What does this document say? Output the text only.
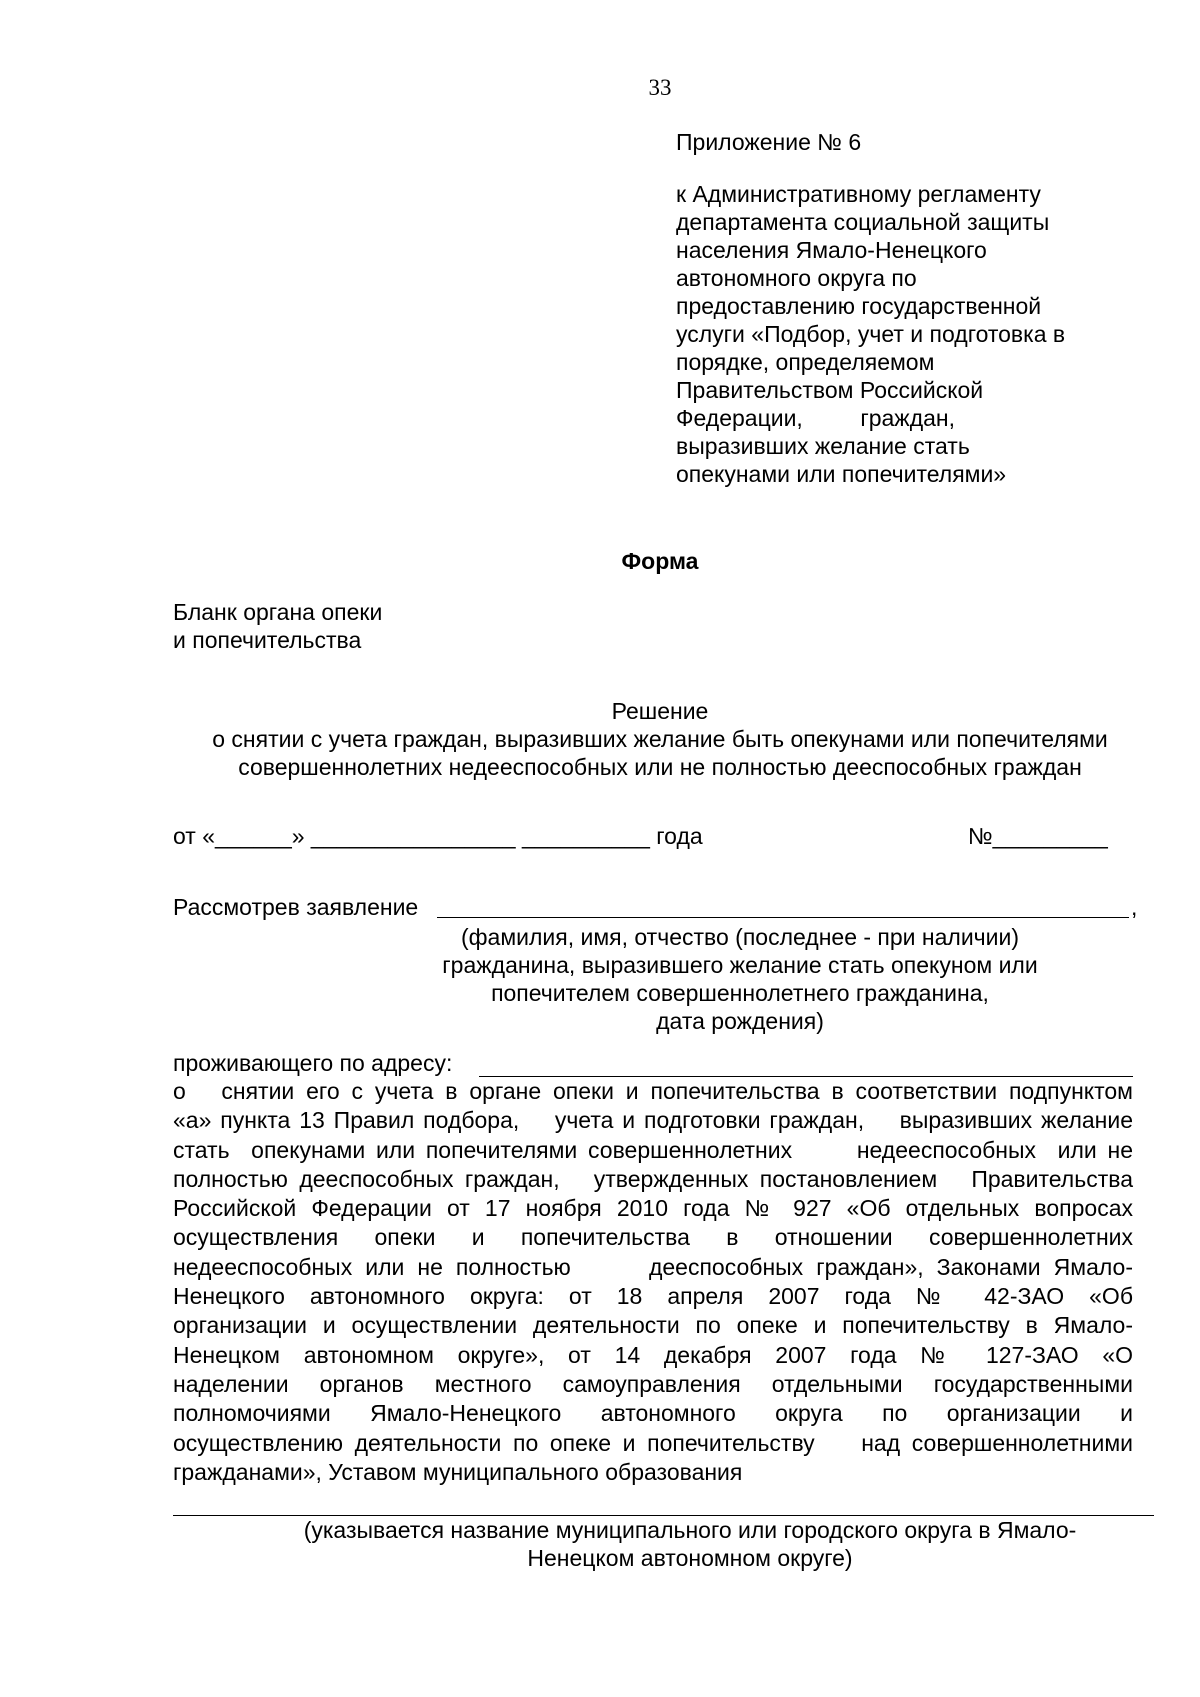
33
Приложение № 6
к Административному регламенту
департамента социальной защиты
населения Ямало-Ненецкого
автономного округа по
предоставлению государственной
услуги «Подбор, учет и подготовка в
порядке, определяемом
Правительством Российской
Федерации,         граждан,
выразивших желание стать
опекунами или попечителями»
Форма
Бланк органа опеки
и попечительства
Решение
о снятии с учета граждан, выразивших желание быть опекунами или попечителями
совершеннолетних недееспособных или не полностью дееспособных граждан
от «______» ________________ __________ года	№_________
Рассмотрев заявление	,
(фамилия, имя, отчество (последнее - при наличии)
гражданина, выразившего желание стать опекуном или
попечителем совершеннолетнего гражданина,
дата рождения)
проживающего по адресу:
о   снятии его с учета в органе опеки и попечительства в соответствии подпунктом
«а» пункта 13 Правил подбора,    учета и подготовки граждан,    выразивших желание
стать  опекунами или попечителями совершеннолетних      недееспособных  или не
полностью дееспособных граждан,   утвержденных постановлением   Правительства
Российской Федерации от 17 ноября 2010 года № 927 «Об отдельных вопросах
осуществления опеки и попечительства в отношении совершеннолетних
недееспособных или не полностью      дееспособных граждан», Законами Ямало-
Ненецкого автономного округа: от 18 апреля 2007 года № 42-ЗАО «Об
организации и осуществлении деятельности по опеке и попечительству в Ямало-
Ненецком автономном округе», от 14 декабря 2007 года № 127-ЗАО «О
наделении органов местного самоуправления отдельными государственными
полномочиями Ямало-Ненецкого автономного округа по организации и
осуществлению деятельности по опеке и попечительству    над совершеннолетними
гражданами», Уставом муниципального образования
(указывается название муниципального или городского округа в Ямало-
Ненецком автономном округе)
